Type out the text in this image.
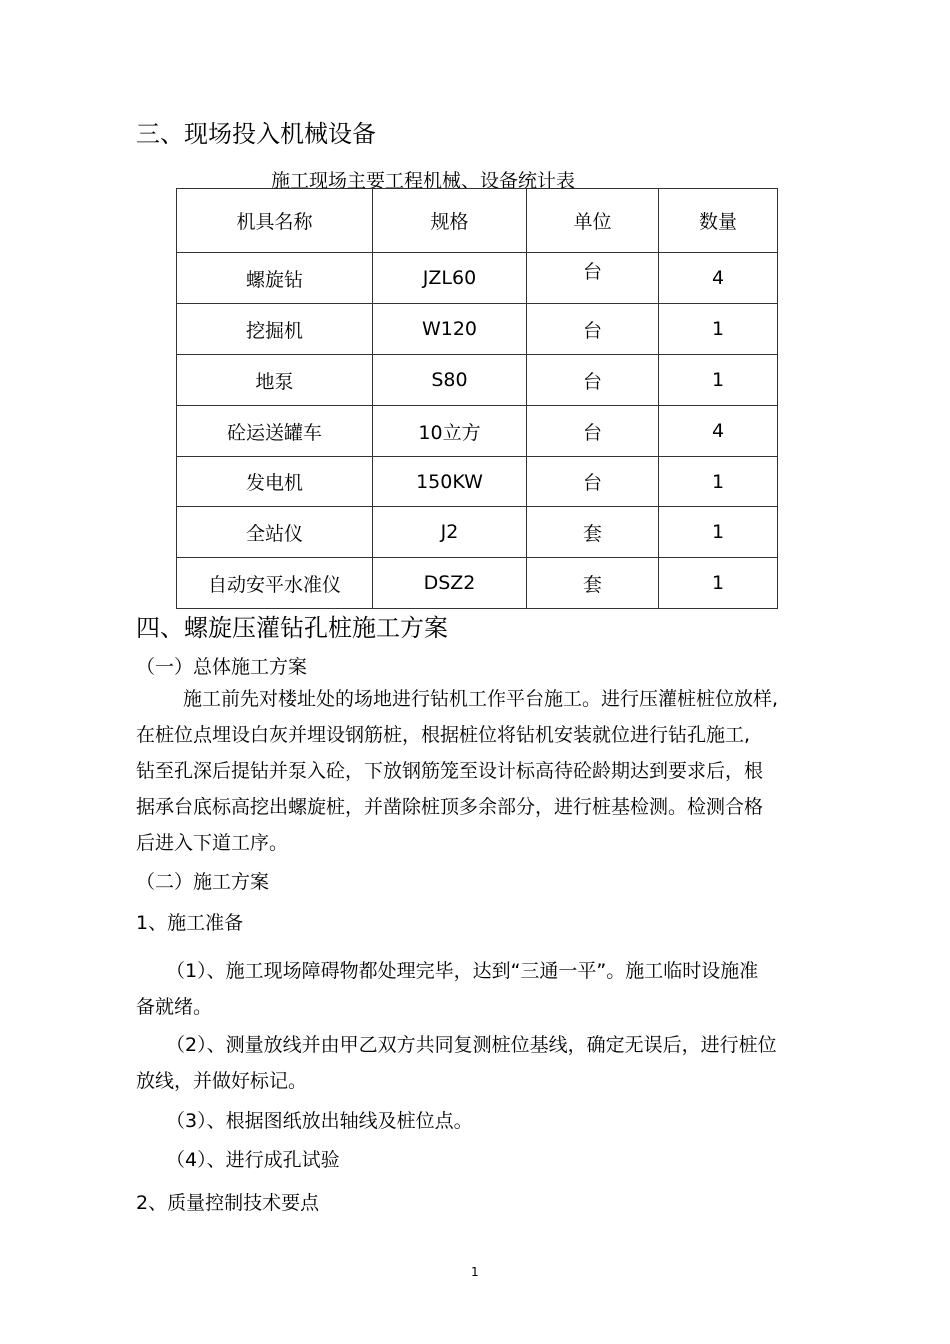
三、现场投入机械设备
施工现场主要工程机械、设备统计表
机具名称	规格	单位	数量
螺旋钻	JZL60	台	4
挖掘机	W120	台	1
地泵	S80	台	1
砼运送罐车	10立方	台	4
发电机	150KW	台	1
全站仪	J2	套	1
自动安平水准仪	DSZ2	套	1
四、螺旋压灌钻孔桩施工方案
（一）总体施工方案
施工前先对楼址处的场地进行钻机工作平台施工。进行压灌桩桩位放样,
在桩位点埋设白灰并埋设钢筋桩，根据桩位将钻机安装就位进行钻孔施工,
钻至孔深后提钻并泵入砼，下放钢筋笼至设计标高待砼龄期达到要求后，根
据承台底标高挖出螺旋桩，并凿除桩顶多余部分，进行桩基检测。检测合格
后进入下道工序。
（二）施工方案
1、施工准备
（1）、施工现场障碍物都处理完毕，达到“三通一平”。施工临时设施准
备就绪。
（2）、测量放线并由甲乙双方共同复测桩位基线，确定无误后，进行桩位
放线，并做好标记。
（3）、根据图纸放出轴线及桩位点。
（4）、进行成孔试验
2、质量控制技术要点
1
